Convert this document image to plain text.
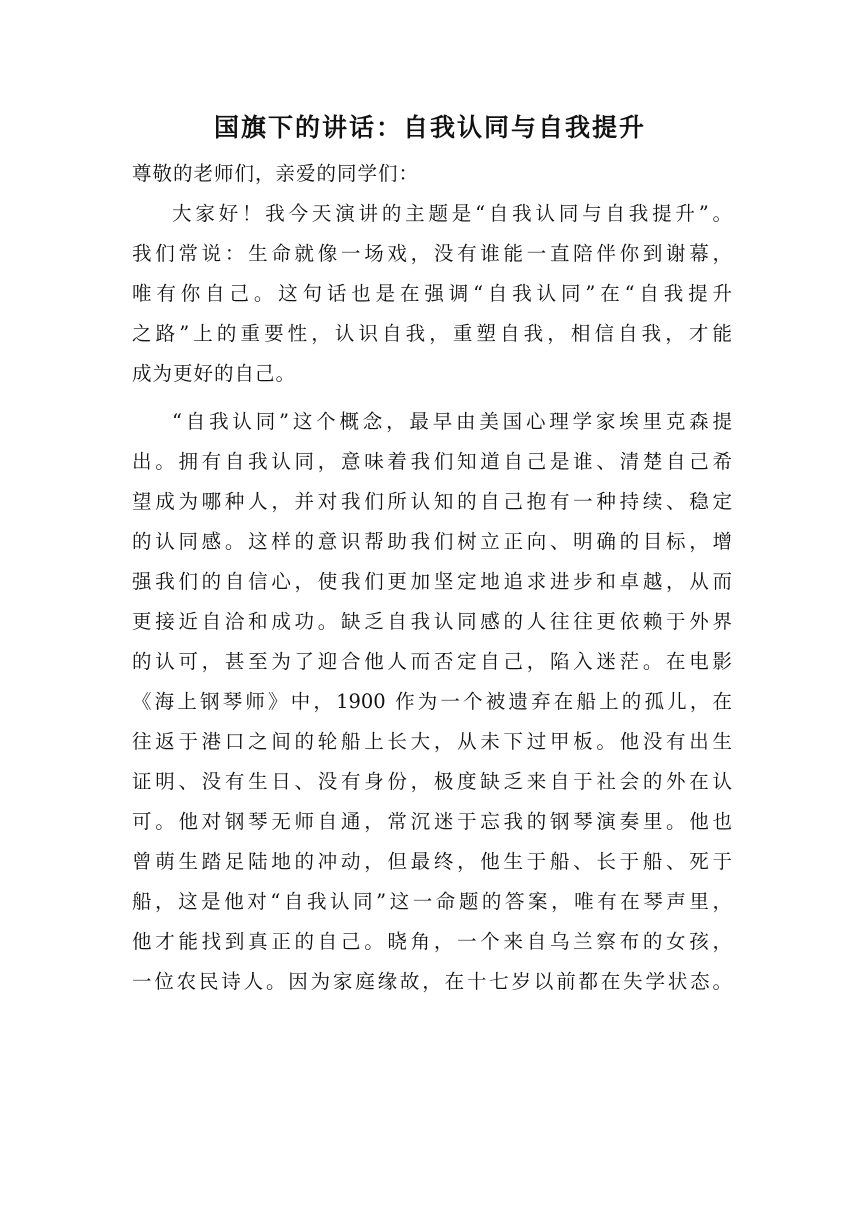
国旗下的讲话：自我认同与自我提升
尊敬的老师们，亲爱的同学们：
大家好！我今天演讲的主题是“自我认同与自我提升”。
我们常说：生命就像一场戏，没有谁能一直陪伴你到谢幕，
唯有你自己。这句话也是在强调“自我认同”在“自我提升
之路”上的重要性，认识自我，重塑自我，相信自我，才能
成为更好的自己。
“自我认同”这个概念，最早由美国心理学家埃里克森提
出。拥有自我认同，意味着我们知道自己是谁、清楚自己希
望成为哪种人，并对我们所认知的自己抱有一种持续、稳定
的认同感。这样的意识帮助我们树立正向、明确的目标，增
强我们的自信心，使我们更加坚定地追求进步和卓越，从而
更接近自洽和成功。缺乏自我认同感的人往往更依赖于外界
的认可，甚至为了迎合他人而否定自己，陷入迷茫。在电影
《海上钢琴师》中，1900 作为一个被遗弃在船上的孤儿，在
往返于港口之间的轮船上长大，从未下过甲板。他没有出生
证明、没有生日、没有身份，极度缺乏来自于社会的外在认
可。他对钢琴无师自通，常沉迷于忘我的钢琴演奏里。他也
曾萌生踏足陆地的冲动，但最终，他生于船、长于船、死于
船，这是他对“自我认同”这一命题的答案，唯有在琴声里，
他才能找到真正的自己。晓角，一个来自乌兰察布的女孩，
一位农民诗人。因为家庭缘故，在十七岁以前都在失学状态。
